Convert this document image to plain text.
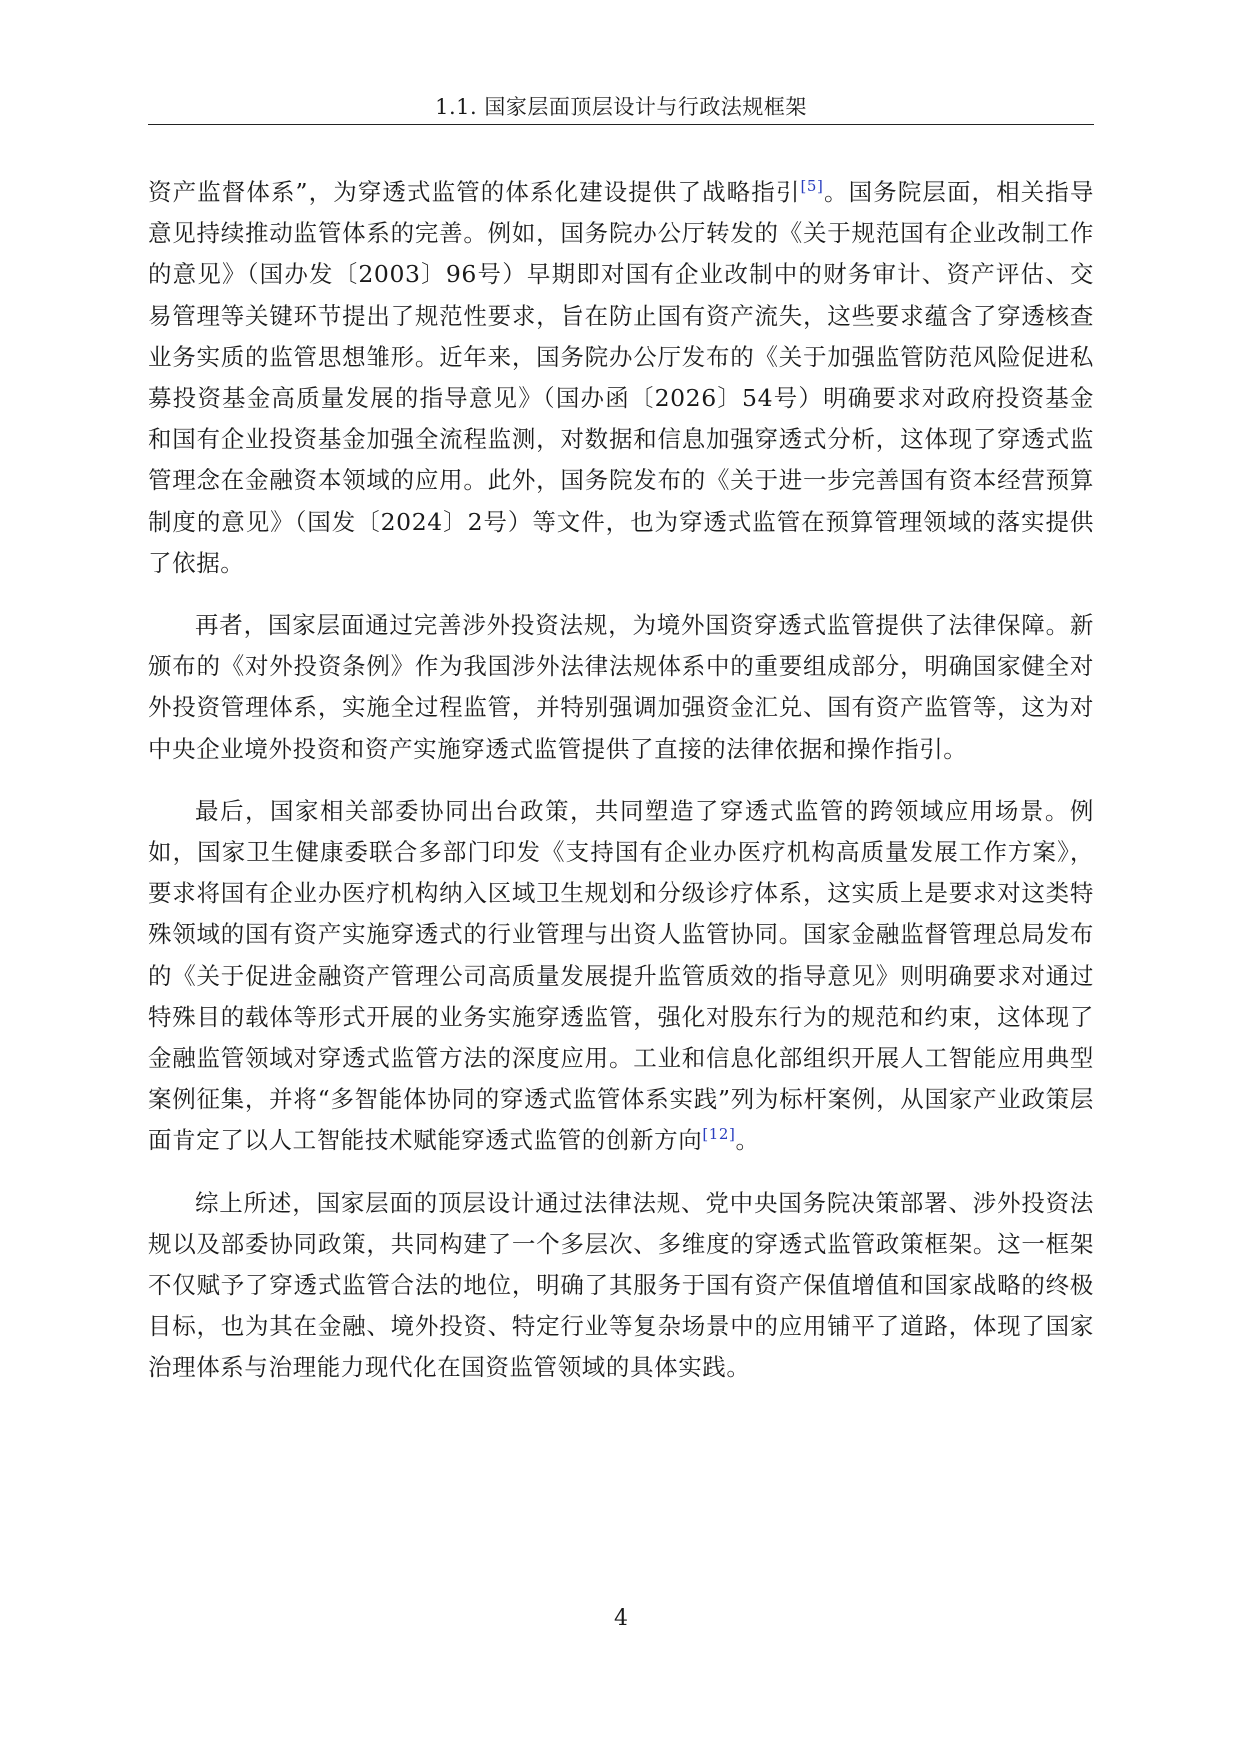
1.1. 国家层面顶层设计与行政法规框架

资产监督体系”，为穿透式监管的体系化建设提供了战略指引[5]。国务院层面，相关指导意见持续推动监管体系的完善。例如，国务院办公厅转发的《关于规范国有企业改制工作的意见》（国办发〔2003〕96号）早期即对国有企业改制中的财务审计、资产评估、交易管理等关键环节提出了规范性要求，旨在防止国有资产流失，这些要求蕴含了穿透核查业务实质的监管思想雏形。近年来，国务院办公厅发布的《关于加强监管防范风险促进私募投资基金高质量发展的指导意见》（国办函〔2026〕54号）明确要求对政府投资基金和国有企业投资基金加强全流程监测，对数据和信息加强穿透式分析，这体现了穿透式监管理念在金融资本领域的应用。此外，国务院发布的《关于进一步完善国有资本经营预算制度的意见》（国发〔2024〕2号）等文件，也为穿透式监管在预算管理领域的落实提供了依据。

再者，国家层面通过完善涉外投资法规，为境外国资穿透式监管提供了法律保障。新颁布的《对外投资条例》作为我国涉外法律法规体系中的重要组成部分，明确国家健全对外投资管理体系，实施全过程监管，并特别强调加强资金汇兑、国有资产监管等，这为对中央企业境外投资和资产实施穿透式监管提供了直接的法律依据和操作指引。

最后，国家相关部委协同出台政策，共同塑造了穿透式监管的跨领域应用场景。例如，国家卫生健康委联合多部门印发《支持国有企业办医疗机构高质量发展工作方案》，要求将国有企业办医疗机构纳入区域卫生规划和分级诊疗体系，这实质上是要求对这类特殊领域的国有资产实施穿透式的行业管理与出资人监管协同。国家金融监督管理总局发布的《关于促进金融资产管理公司高质量发展提升监管质效的指导意见》则明确要求对通过特殊目的载体等形式开展的业务实施穿透监管，强化对股东行为的规范和约束，这体现了金融监管领域对穿透式监管方法的深度应用。工业和信息化部组织开展人工智能应用典型案例征集，并将“多智能体协同的穿透式监管体系实践”列为标杆案例，从国家产业政策层面肯定了以人工智能技术赋能穿透式监管的创新方向[12]。

综上所述，国家层面的顶层设计通过法律法规、党中央国务院决策部署、涉外投资法规以及部委协同政策，共同构建了一个多层次、多维度的穿透式监管政策框架。这一框架不仅赋予了穿透式监管合法的地位，明确了其服务于国有资产保值增值和国家战略的终极目标，也为其在金融、境外投资、特定行业等复杂场景中的应用铺平了道路，体现了国家治理体系与治理能力现代化在国资监管领域的具体实践。

4
